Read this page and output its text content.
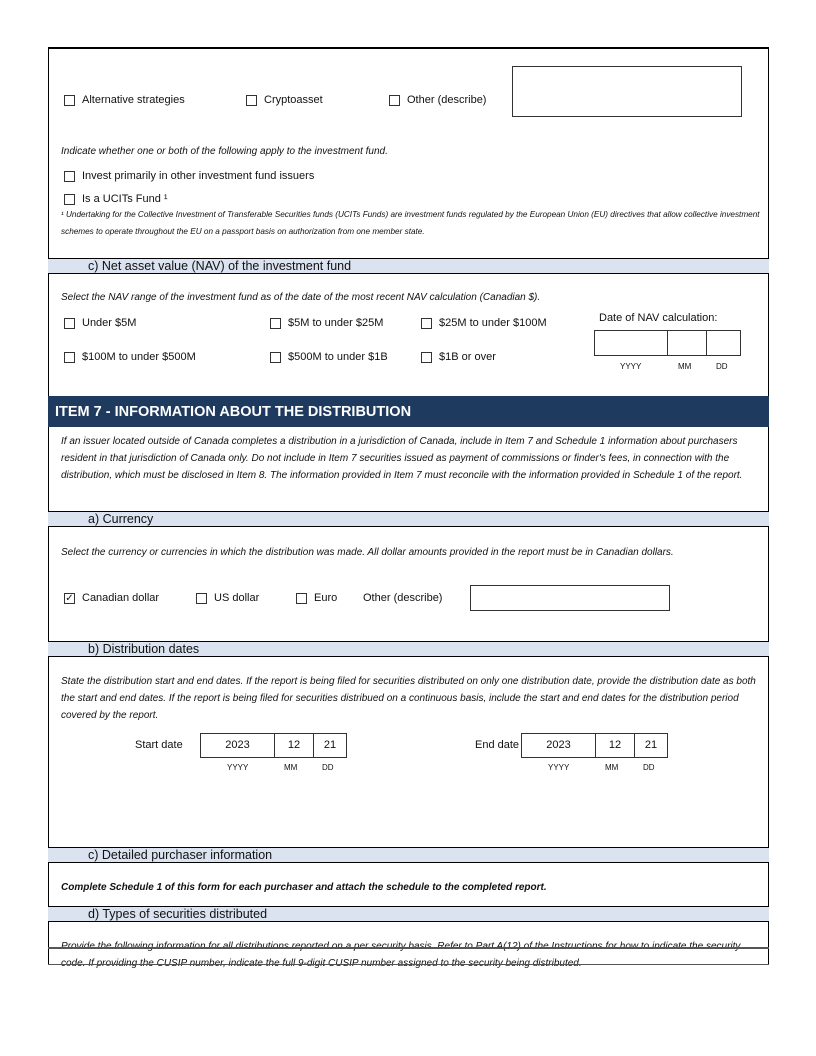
Alternative strategies	Cryptoasset	Other (describe)
Indicate whether one or both of the following apply to the investment fund.
Invest primarily in other investment fund issuers
Is a UCITs Fund ¹
¹ Undertaking for the Collective Investment of Transferable Securities funds (UCITs Funds) are investment funds regulated by the European Union (EU) directives that allow collective investment schemes to operate throughout the EU on a passport basis on authorization from one member state.
c) Net asset value (NAV) of the investment fund
Select the NAV range of the investment fund as of the date of the most recent NAV calculation (Canadian $).
Under $5M	$5M to under $25M	$25M to under $100M
$100M to under $500M	$500M to under $1B	$1B or over
Date of NAV calculation:
YYYY	MM	DD
ITEM 7 - INFORMATION ABOUT THE DISTRIBUTION
If an issuer located outside of Canada completes a distribution in a jurisdiction of Canada, include in Item 7 and Schedule 1 information about purchasers resident in that jurisdiction of Canada only. Do not include in Item 7 securities issued as payment of commissions or finder's fees, in connection with the distribution, which must be disclosed in Item 8. The information provided in Item 7 must reconcile with the information provided in Schedule 1 of the report.
a) Currency
Select the currency or currencies in which the distribution was made. All dollar amounts provided in the report must be in Canadian dollars.
✓ Canadian dollar	US dollar	Euro Other (describe)
b) Distribution dates
State the distribution start and end dates. If the report is being filed for securities distributed on only one distribution date, provide the distribution date as both the start and end dates. If the report is being filed for securities distribued on a continuous basis, include the start and end dates for the distribution period covered by the report.
Start date	2023	12	21
YYYY	MM	DD
End date	2023	12	21
YYYY	MM	DD
c) Detailed purchaser information
Complete Schedule 1 of this form for each purchaser and attach the schedule to the completed report.
d) Types of securities distributed
